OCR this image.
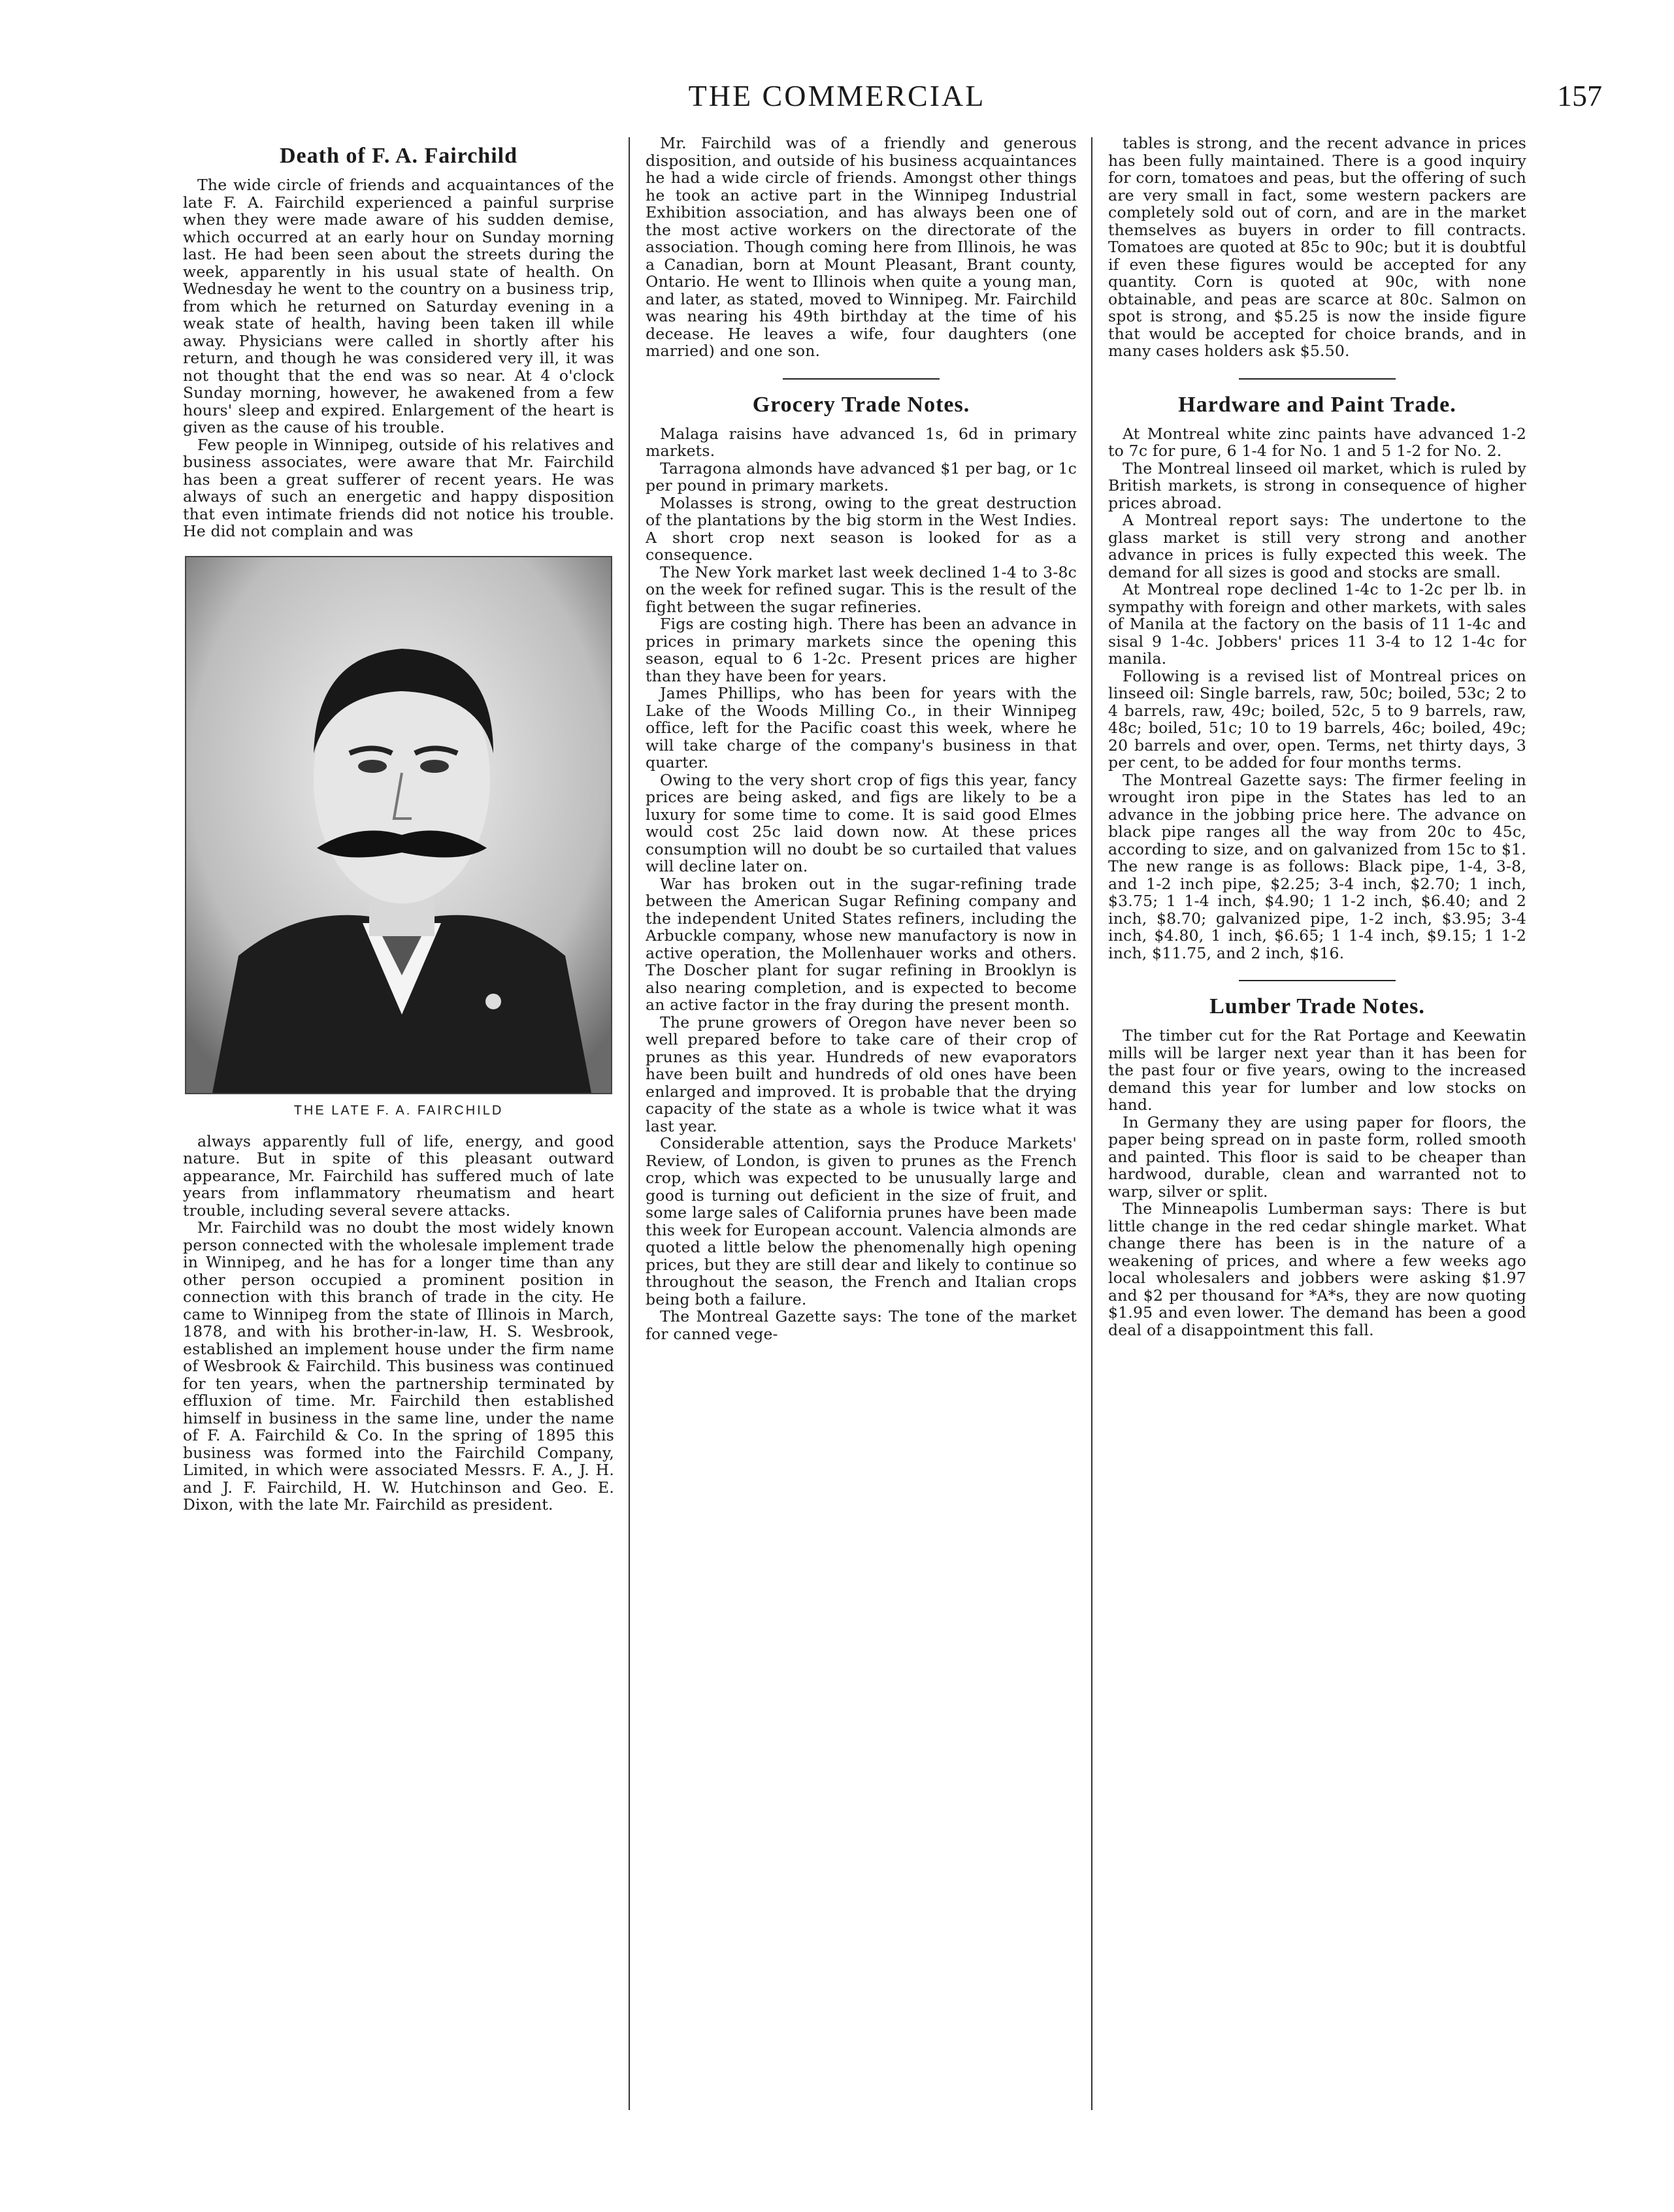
THE COMMERCIAL	157
Death of F. A. Fairchild

The wide circle of friends and acquaintances of the late F. A. Fairchild experienced a painful surprise when they were made aware of his sudden demise, which occurred at an early hour on Sunday morning last. He had been seen about the streets during the week, apparently in his usual state of health. On Wednesday he went to the country on a business trip, from which he returned on Saturday evening in a weak state of health, having been taken ill while away. Physicians were called in shortly after his return, and though he was considered very ill, it was not thought that the end was so near. At 4 o'clock Sunday morning, however, he awakened from a few hours' sleep and expired. Enlargement of the heart is given as the cause of his trouble.

Few people in Winnipeg, outside of his relatives and business associates, were aware that Mr. Fairchild has been a great sufferer of recent years. He was always of such an energetic and happy disposition that even intimate friends did not notice his trouble. He did not complain and was

THE LATE F. A. FAIRCHILD

always apparently full of life, energy, and good nature. But in spite of this pleasant outward appearance, Mr. Fairchild has suffered much of late years from inflammatory rheumatism and heart trouble, including several severe attacks.

Mr. Fairchild was no doubt the most widely known person connected with the wholesale implement trade in Winnipeg, and he has for a longer time than any other person occupied a prominent position in connection with this branch of trade in the city. He came to Winnipeg from the state of Illinois in March, 1878, and with his brother-in-law, H. S. Wesbrook, established an implement house under the firm name of Wesbrook & Fairchild. This business was continued for ten years, when the partnership terminated by effluxion of time. Mr. Fairchild then established himself in business in the same line, under the name of F. A. Fairchild & Co. In the spring of 1895 this business was formed into the Fairchild Company, Limited, in which were associated Messrs. F. A., J. H. and J. F. Fairchild, H. W. Hutchinson and Geo. E. Dixon, with the late Mr. Fairchild as president.

Mr. Fairchild was of a friendly and generous disposition, and outside of his business acquaintances he had a wide circle of friends. Amongst other things he took an active part in the Winnipeg Industrial Exhibition association, and has always been one of the most active workers on the directorate of the association. Though coming here from Illinois, he was a Canadian, born at Mount Pleasant, Brant county, Ontario. He went to Illinois when quite a young man, and later, as stated, moved to Winnipeg. Mr. Fairchild was nearing his 49th birthday at the time of his decease. He leaves a wife, four daughters (one married) and one son.

Grocery Trade Notes.

Malaga raisins have advanced 1s, 6d in primary markets.

Tarragona almonds have advanced $1 per bag, or 1c per pound in primary markets.

Molasses is strong, owing to the great destruction of the plantations by the big storm in the West Indies. A short crop next season is looked for as a consequence.

The New York market last week declined 1-4 to 3-8c on the week for refined sugar. This is the result of the fight between the sugar refineries.

Figs are costing high. There has been an advance in prices in primary markets since the opening this season, equal to 6 1-2c. Present prices are higher than they have been for years.

James Phillips, who has been for years with the Lake of the Woods Milling Co., in their Winnipeg office, left for the Pacific coast this week, where he will take charge of the company's business in that quarter.

Owing to the very short crop of figs this year, fancy prices are being asked, and figs are likely to be a luxury for some time to come. It is said good Elmes would cost 25c laid down now. At these prices consumption will no doubt be so curtailed that values will decline later on.

War has broken out in the sugar-refining trade between the American Sugar Refining company and the independent United States refiners, including the Arbuckle company, whose new manufactory is now in active operation, the Mollenhauer works and others. The Doscher plant for sugar refining in Brooklyn is also nearing completion, and is expected to become an active factor in the fray during the present month.

The prune growers of Oregon have never been so well prepared before to take care of their crop of prunes as this year. Hundreds of new evaporators have been built and hundreds of old ones have been enlarged and improved. It is probable that the drying capacity of the state as a whole is twice what it was last year.

Considerable attention, says the Produce Markets' Review, of London, is given to prunes as the French crop, which was expected to be unusually large and good is turning out deficient in the size of fruit, and some large sales of California prunes have been made this week for European account. Valencia almonds are quoted a little below the phenomenally high opening prices, but they are still dear and likely to continue so throughout the season, the French and Italian crops being both a failure.

The Montreal Gazette says: The tone of the market for canned vege-

tables is strong, and the recent advance in prices has been fully maintained. There is a good inquiry for corn, tomatoes and peas, but the offering of such are very small in fact, some western packers are completely sold out of corn, and are in the market themselves as buyers in order to fill contracts. Tomatoes are quoted at 85c to 90c; but it is doubtful if even these figures would be accepted for any quantity. Corn is quoted at 90c, with none obtainable, and peas are scarce at 80c. Salmon on spot is strong, and $5.25 is now the inside figure that would be accepted for choice brands, and in many cases holders ask $5.50.

Hardware and Paint Trade.

At Montreal white zinc paints have advanced 1-2 to 7c for pure, 6 1-4 for No. 1 and 5 1-2 for No. 2.

The Montreal linseed oil market, which is ruled by British markets, is strong in consequence of higher prices abroad.

A Montreal report says: The undertone to the glass market is still very strong and another advance in prices is fully expected this week. The demand for all sizes is good and stocks are small.

At Montreal rope declined 1-4c to 1-2c per lb. in sympathy with foreign and other markets, with sales of Manila at the factory on the basis of 11 1-4c and sisal 9 1-4c. Jobbers' prices 11 3-4 to 12 1-4c for manila.

Following is a revised list of Montreal prices on linseed oil: Single barrels, raw, 50c; boiled, 53c; 2 to 4 barrels, raw, 49c; boiled, 52c, 5 to 9 barrels, raw, 48c; boiled, 51c; 10 to 19 barrels, 46c; boiled, 49c; 20 barrels and over, open. Terms, net thirty days, 3 per cent, to be added for four months terms.

The Montreal Gazette says: The firmer feeling in wrought iron pipe in the States has led to an advance in the jobbing price here. The advance on black pipe ranges all the way from 20c to 45c, according to size, and on galvanized from 15c to $1. The new range is as follows: Black pipe, 1-4, 3-8, and 1-2 inch pipe, $2.25; 3-4 inch, $2.70; 1 inch, $3.75; 1 1-4 inch, $4.90; 1 1-2 inch, $6.40; and 2 inch, $8.70; galvanized pipe, 1-2 inch, $3.95; 3-4 inch, $4.80, 1 inch, $6.65; 1 1-4 inch, $9.15; 1 1-2 inch, $11.75, and 2 inch, $16.

Lumber Trade Notes.

The timber cut for the Rat Portage and Keewatin mills will be larger next year than it has been for the past four or five years, owing to the increased demand this year for lumber and low stocks on hand.

In Germany they are using paper for floors, the paper being spread on in paste form, rolled smooth and painted. This floor is said to be cheaper than hardwood, durable, clean and warranted not to warp, silver or split.

The Minneapolis Lumberman says: There is but little change in the red cedar shingle market. What change there has been is in the nature of a weakening of prices, and where a few weeks ago local wholesalers and jobbers were asking $1.97 and $2 per thousand for *A*s, they are now quoting $1.95 and even lower. The demand has been a good deal of a disappointment this fall.
